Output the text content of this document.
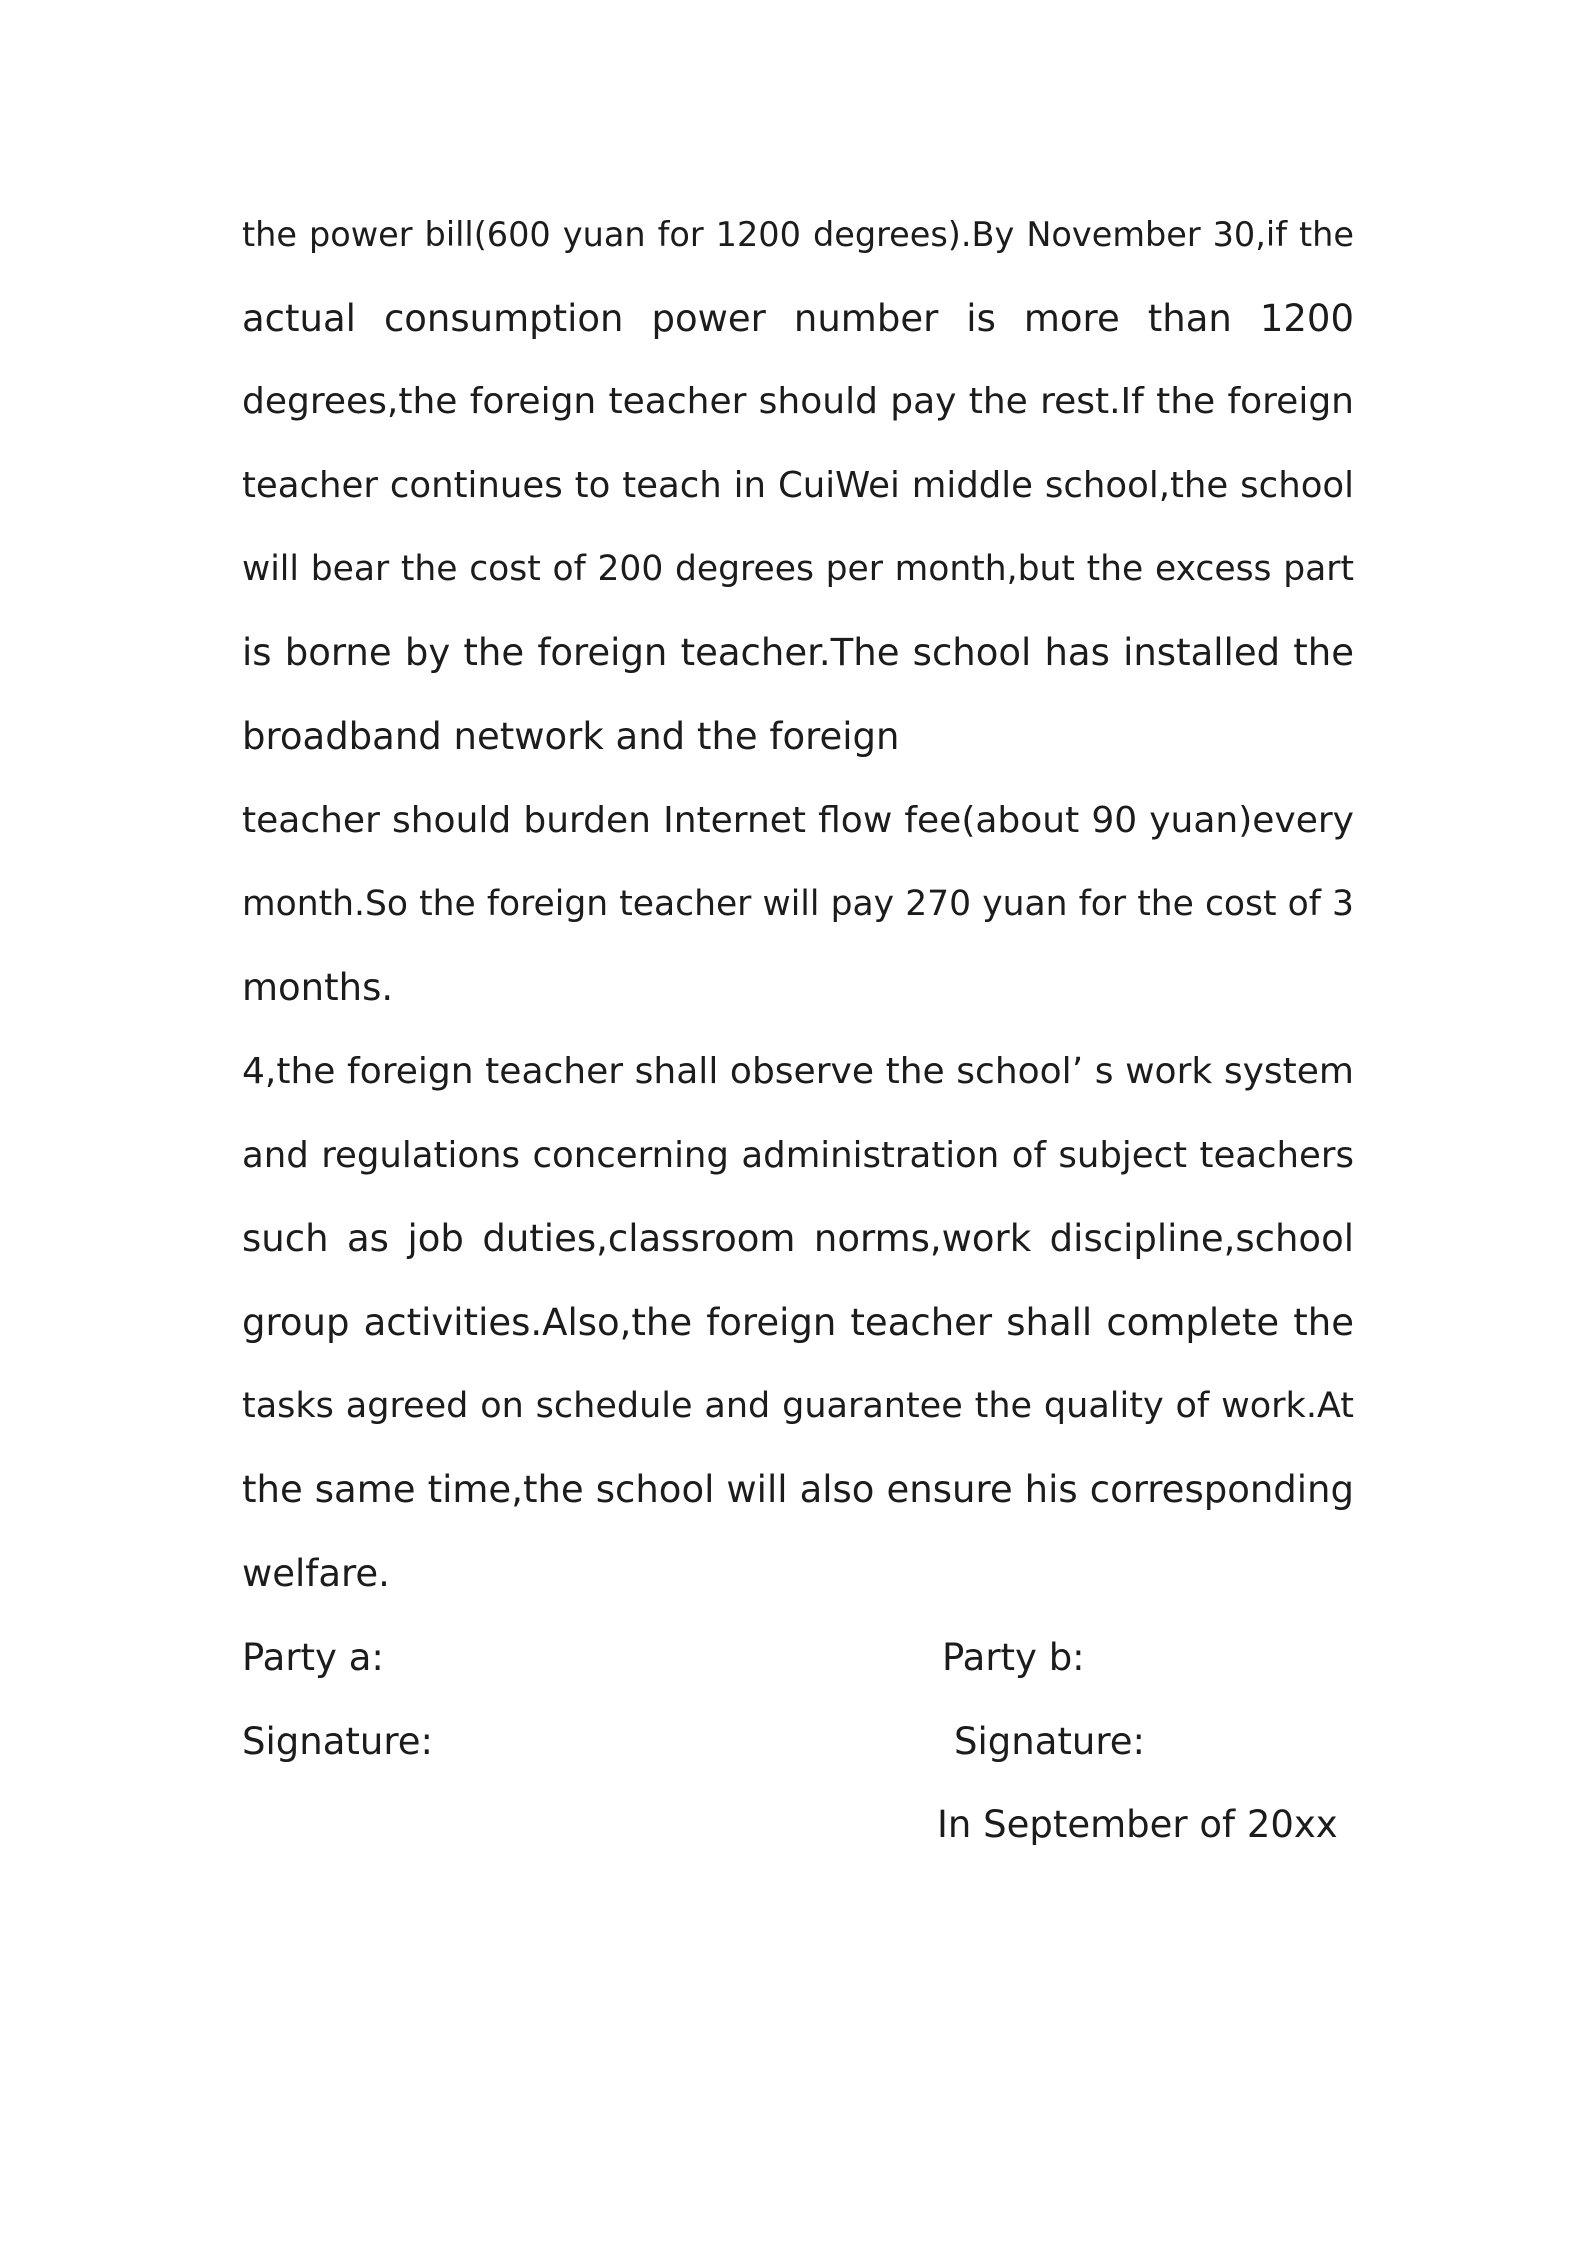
the power bill(600 yuan for 1200 degrees).By November 30,if the
actual consumption power number is more than 1200
degrees,the foreign teacher should pay the rest.If the foreign
teacher continues to teach in CuiWei middle school,the school
will bear the cost of 200 degrees per month,but the excess part
is borne by the foreign teacher.The school has installed the
broadband network and the foreign
teacher should burden Internet flow fee(about 90 yuan)every
month.So the foreign teacher will pay 270 yuan for the cost of 3
months.
4,the foreign teacher shall observe the school’ s work system
and regulations concerning administration of subject teachers
such as job duties,classroom norms,work discipline,school
group activities.Also,the foreign teacher shall complete the
tasks agreed on schedule and guarantee the quality of work.At
the same time,the school will also ensure his corresponding
welfare.
Party a:	Party b:
Signature:	Signature:
In September of 20xx
